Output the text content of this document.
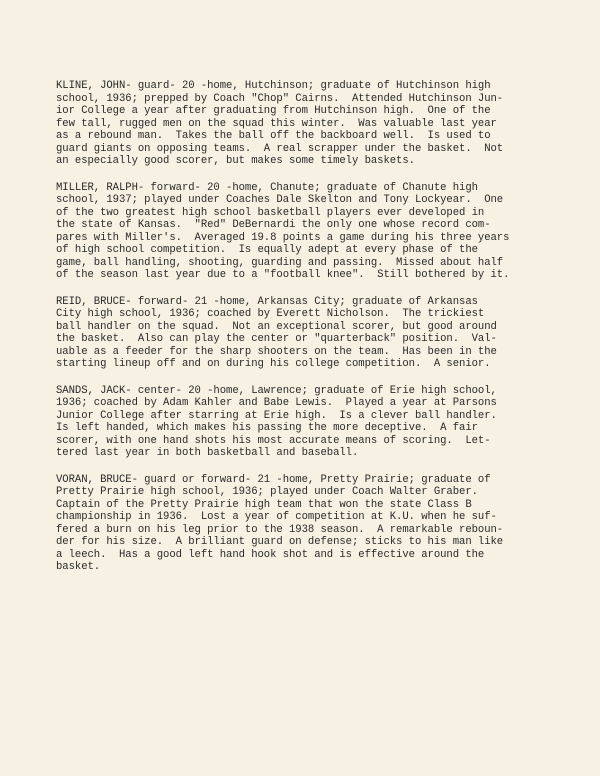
KLINE, JOHN- guard- 20 -home, Hutchinson; graduate of Hutchinson high
school, 1936; prepped by Coach "Chop" Cairns.  Attended Hutchinson Jun-
ior College a year after graduating from Hutchinson high.  One of the
few tall, rugged men on the squad this winter.  Was valuable last year
as a rebound man.  Takes the ball off the backboard well.  Is used to
guard giants on opposing teams.  A real scrapper under the basket.  Not
an especially good scorer, but makes some timely baskets.
MILLER, RALPH- forward- 20 -home, Chanute; graduate of Chanute high
school, 1937; played under Coaches Dale Skelton and Tony Lockyear.  One
of the two greatest high school basketball players ever developed in
the state of Kansas.  "Red" DeBernardi the only one whose record com-
pares with Miller's.  Averaged 19.8 points a game during his three years
of high school competition.  Is equally adept at every phase of the
game, ball handling, shooting, guarding and passing.  Missed about half
of the season last year due to a "football knee".  Still bothered by it.
REID, BRUCE- forward- 21 -home, Arkansas City; graduate of Arkansas
City high school, 1936; coached by Everett Nicholson.  The trickiest
ball handler on the squad.  Not an exceptional scorer, but good around
the basket.  Also can play the center or "quarterback" position.  Val-
uable as a feeder for the sharp shooters on the team.  Has been in the
starting lineup off and on during his college competition.  A senior.
SANDS, JACK- center- 20 -home, Lawrence; graduate of Erie high school,
1936; coached by Adam Kahler and Babe Lewis.  Played a year at Parsons
Junior College after starring at Erie high.  Is a clever ball handler.
Is left handed, which makes his passing the more deceptive.  A fair
scorer, with one hand shots his most accurate means of scoring.  Let-
tered last year in both basketball and baseball.
VORAN, BRUCE- guard or forward- 21 -home, Pretty Prairie; graduate of
Pretty Prairie high school, 1936; played under Coach Walter Graber.
Captain of the Pretty Prairie high team that won the state Class B
championship in 1936.  Lost a year of competition at K.U. when he suf-
fered a burn on his leg prior to the 1938 season.  A remarkable reboun-
der for his size.  A brilliant guard on defense; sticks to his man like
a leech.  Has a good left hand hook shot and is effective around the
basket.
